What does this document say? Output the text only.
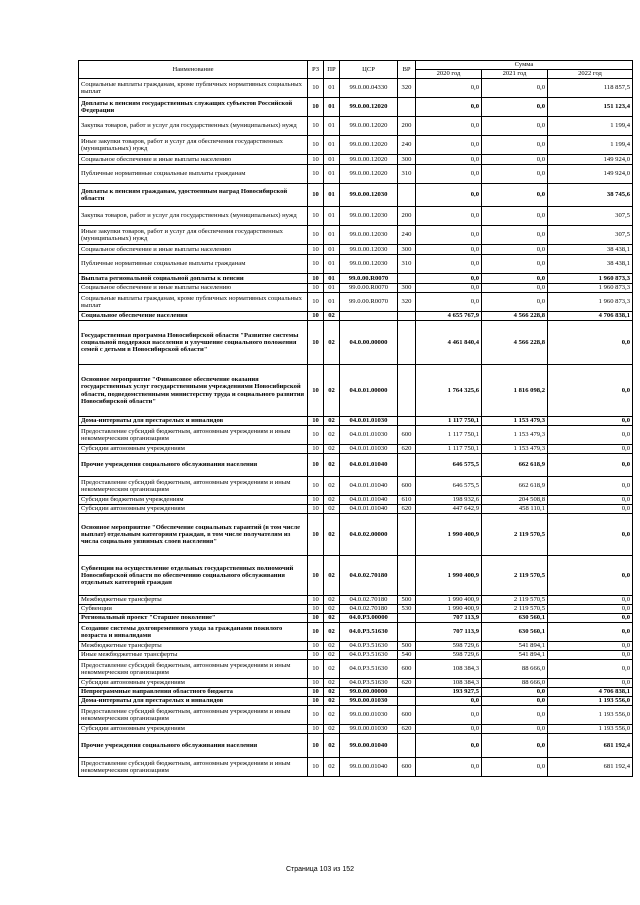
Наименование	РЗ	ПР	ЦСР	ВР	Сумма		
					2020 год	2021 год	2022 год
Социальные выплаты гражданам, кроме публичных нормативных социальных выплат	10	01	99.0.00.04330	320	0,0	0,0	118 857,5
Доплаты к пенсиям государственных служащих субъектов Российской Федерации	10	01	99.0.00.12020		0,0	0,0	151 123,4
Закупка товаров, работ и услуг для государственных (муниципальных) нужд	10	01	99.0.00.12020	200	0,0	0,0	1 199,4
Иные закупки товаров, работ и услуг для обеспечения государственных (муниципальных) нужд	10	01	99.0.00.12020	240	0,0	0,0	1 199,4
Социальное обеспечение и иные выплаты населению	10	01	99.0.00.12020	300	0,0	0,0	149 924,0
Публичные нормативные социальные выплаты гражданам	10	01	99.0.00.12020	310	0,0	0,0	149 924,0
Доплаты к пенсиям гражданам, удостоенным наград Новосибирской области	10	01	99.0.00.12030		0,0	0,0	38 745,6
Закупка товаров, работ и услуг для государственных (муниципальных) нужд	10	01	99.0.00.12030	200	0,0	0,0	307,5
Иные закупки товаров, работ и услуг для обеспечения государственных (муниципальных) нужд	10	01	99.0.00.12030	240	0,0	0,0	307,5
Социальное обеспечение и иные выплаты населению	10	01	99.0.00.12030	300	0,0	0,0	38 438,1
Публичные нормативные социальные выплаты гражданам	10	01	99.0.00.12030	310	0,0	0,0	38 438,1
Выплата региональной социальной доплаты к пенсии	10	01	99.0.00.R0070		0,0	0,0	1 960 873,3
Социальное обеспечение и иные выплаты населению	10	01	99.0.00.R0070	300	0,0	0,0	1 960 873,3
Социальные выплаты гражданам, кроме публичных нормативных социальных выплат	10	01	99.0.00.R0070	320	0,0	0,0	1 960 873,3
Социальное обеспечение населения	10	02			4 655 767,9	4 566 228,8	4 706 838,1
Государственная программа Новосибирской области "Развитие системы социальной поддержки населения и улучшение социального положения семей с детьми в Новосибирской области"	10	02	04.0.00.00000		4 461 840,4	4 566 228,8	0,0
Основное мероприятие "Финансовое обеспечение оказания государственных услуг государственными учреждениями Новосибирской области, подведомственными министерству труда и социального развития Новосибирской области"	10	02	04.0.01.00000		1 764 325,6	1 816 098,2	0,0
Дома-интернаты для престарелых и инвалидов	10	02	04.0.01.01030		1 117 750,1	1 153 479,3	0,0
Предоставление субсидий бюджетным, автономным учреждениям и иным некоммерческим организациям	10	02	04.0.01.01030	600	1 117 750,1	1 153 479,3	0,0
Субсидии автономным учреждениям	10	02	04.0.01.01030	620	1 117 750,1	1 153 479,3	0,0
Прочие учреждения социального обслуживания населения	10	02	04.0.01.01040		646 575,5	662 618,9	0,0
Предоставление субсидий бюджетным, автономным учреждениям и иным некоммерческим организациям	10	02	04.0.01.01040	600	646 575,5	662 618,9	0,0
Субсидии бюджетным учреждениям	10	02	04.0.01.01040	610	198 932,6	204 508,8	0,0
Субсидии автономным учреждениям	10	02	04.0.01.01040	620	447 642,9	458 110,1	0,0
Основное мероприятие "Обеспечение социальных гарантий (в том числе выплат) отдельным категориям граждан, в том числе получателям из числа социально уязвимых слоев населения"	10	02	04.0.02.00000		1 990 400,9	2 119 570,5	0,0
Субвенции на осуществление отдельных государственных полномочий Новосибирской области по обеспечению социального обслуживания отдельных категорий граждан	10	02	04.0.02.70180		1 990 400,9	2 119 570,5	0,0
Межбюджетные трансферты	10	02	04.0.02.70180	500	1 990 400,9	2 119 570,5	0,0
Субвенции	10	02	04.0.02.70180	530	1 990 400,9	2 119 570,5	0,0
Региональный проект "Старшее поколение"	10	02	04.0.P3.00000		707 113,9	630 560,1	0,0
Создание системы долговременного ухода за гражданами пожилого возраста и инвалидами	10	02	04.0.P3.51630		707 113,9	630 560,1	0,0
Межбюджетные трансферты	10	02	04.0.P3.51630	500	598 729,6	541 894,1	0,0
Иные межбюджетные трансферты	10	02	04.0.P3.51630	540	598 729,6	541 894,1	0,0
Предоставление субсидий бюджетным, автономным учреждениям и иным некоммерческим организациям	10	02	04.0.P3.51630	600	108 384,3	88 666,0	0,0
Субсидии автономным учреждениям	10	02	04.0.P3.51630	620	108 384,3	88 666,0	0,0
Непрограммные направления областного бюджета	10	02	99.0.00.00000		193 927,5	0,0	4 706 838,1
Дома-интернаты для престарелых и инвалидов	10	02	99.0.00.01030		0,0	0,0	1 193 556,0
Предоставление субсидий бюджетным, автономным учреждениям и иным некоммерческим организациям	10	02	99.0.00.01030	600	0,0	0,0	1 193 556,0
Субсидии автономным учреждениям	10	02	99.0.00.01030	620	0,0	0,0	1 193 556,0
Прочие учреждения социального обслуживания населения	10	02	99.0.00.01040		0,0	0,0	681 192,4
Предоставление субсидий бюджетным, автономным учреждениям и иным некоммерческим организациям	10	02	99.0.00.01040	600	0,0	0,0	681 192,4
Страница 103 из 152
